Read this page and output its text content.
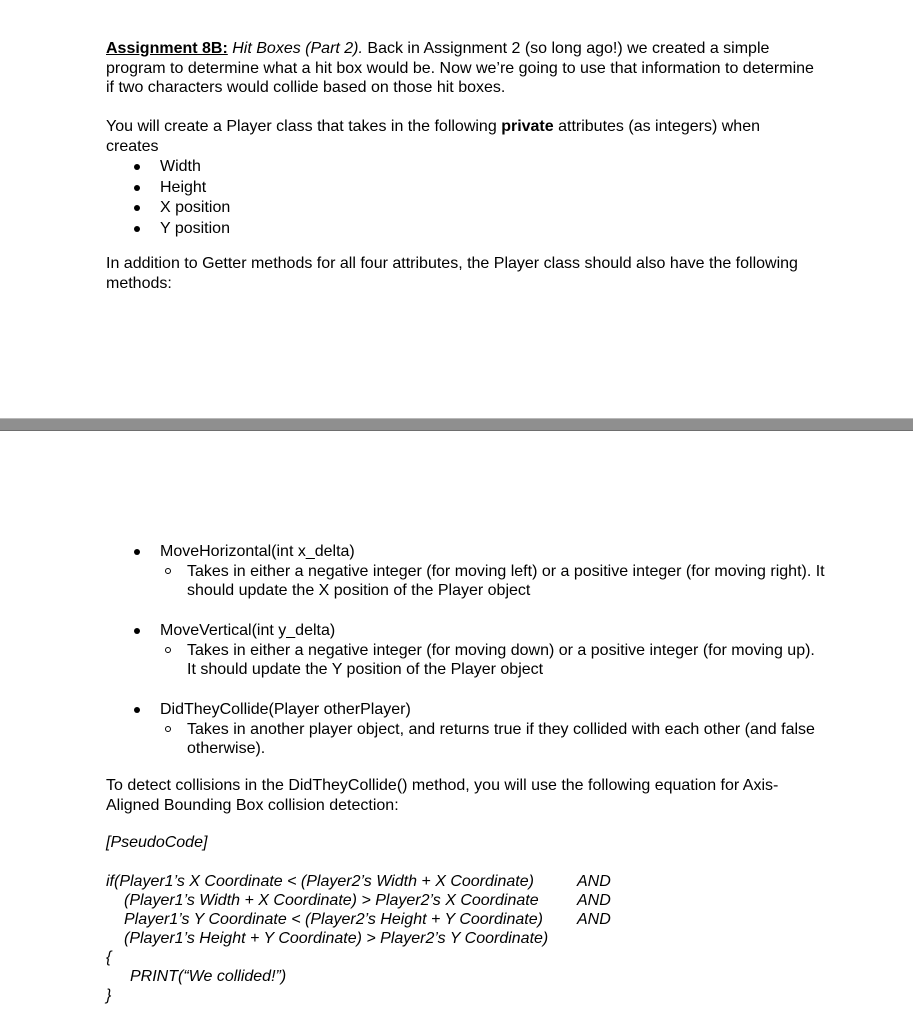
Assignment 8B: Hit Boxes (Part 2). Back in Assignment 2 (so long ago!) we created a simple program to determine what a hit box would be. Now we’re going to use that information to determine if two characters would collide based on those hit boxes.

You will create a Player class that takes in the following private attributes (as integers) when creates

Width
Height
X position
Y position

In addition to Getter methods for all four attributes, the Player class should also have the following methods:

MoveHorizontal(int x_delta)
Takes in either a negative integer (for moving left) or a positive integer (for moving right). It should update the X position of the Player object
MoveVertical(int y_delta)
Takes in either a negative integer (for moving down) or a positive integer (for moving up). It should update the Y position of the Player object
DidTheyCollide(Player otherPlayer)
Takes in another player object, and returns true if they collided with each other (and false otherwise).

To detect collisions in the DidTheyCollide() method, you will use the following equation for Axis-Aligned Bounding Box collision detection:

[PseudoCode]
if(Player1’s X Coordinate < (Player2’s Width + X Coordinate)
(Player1’s Width + X Coordinate) > Player2’s X Coordinate
Player1’s Y Coordinate < (Player2’s Height + Y Coordinate)
(Player1’s Height + Y Coordinate) > Player2’s Y Coordinate)
AND
AND
AND
{
PRINT(“We collided!”)
}
